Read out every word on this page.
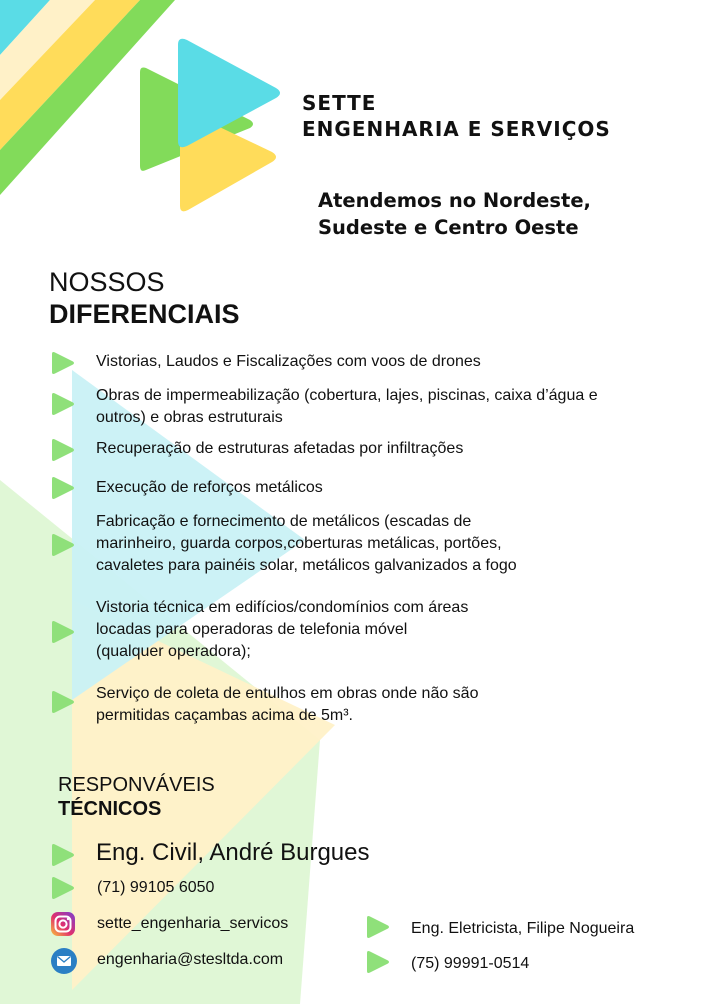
SETTE
ENGENHARIA E SERVIÇOS
Atendemos no Nordeste,
Sudeste e Centro Oeste
NOSSOS
DIFERENCIAIS
Vistorias, Laudos e Fiscalizações com voos de drones
Obras de impermeabilização (cobertura, lajes, piscinas, caixa d’água e
outros) e obras estruturais
Recuperação de estruturas afetadas por infiltrações
Execução de reforços metálicos
Fabricação e fornecimento de metálicos (escadas de
marinheiro, guarda corpos,coberturas metálicas, portões,
cavaletes para painéis solar, metálicos galvanizados a fogo
Vistoria técnica em edifícios/condomínios com áreas
locadas para operadoras de telefonia móvel
(qualquer operadora);
Serviço de coleta de entulhos em obras onde não são
permitidas caçambas acima de 5m³.
RESPONVÁVEIS
TÉCNICOS
Eng. Civil, André Burgues
(71) 99105 6050
sette_engenharia_servicos
engenharia@stesltda.com
Eng. Eletricista, Filipe Nogueira
(75) 99991-0514
